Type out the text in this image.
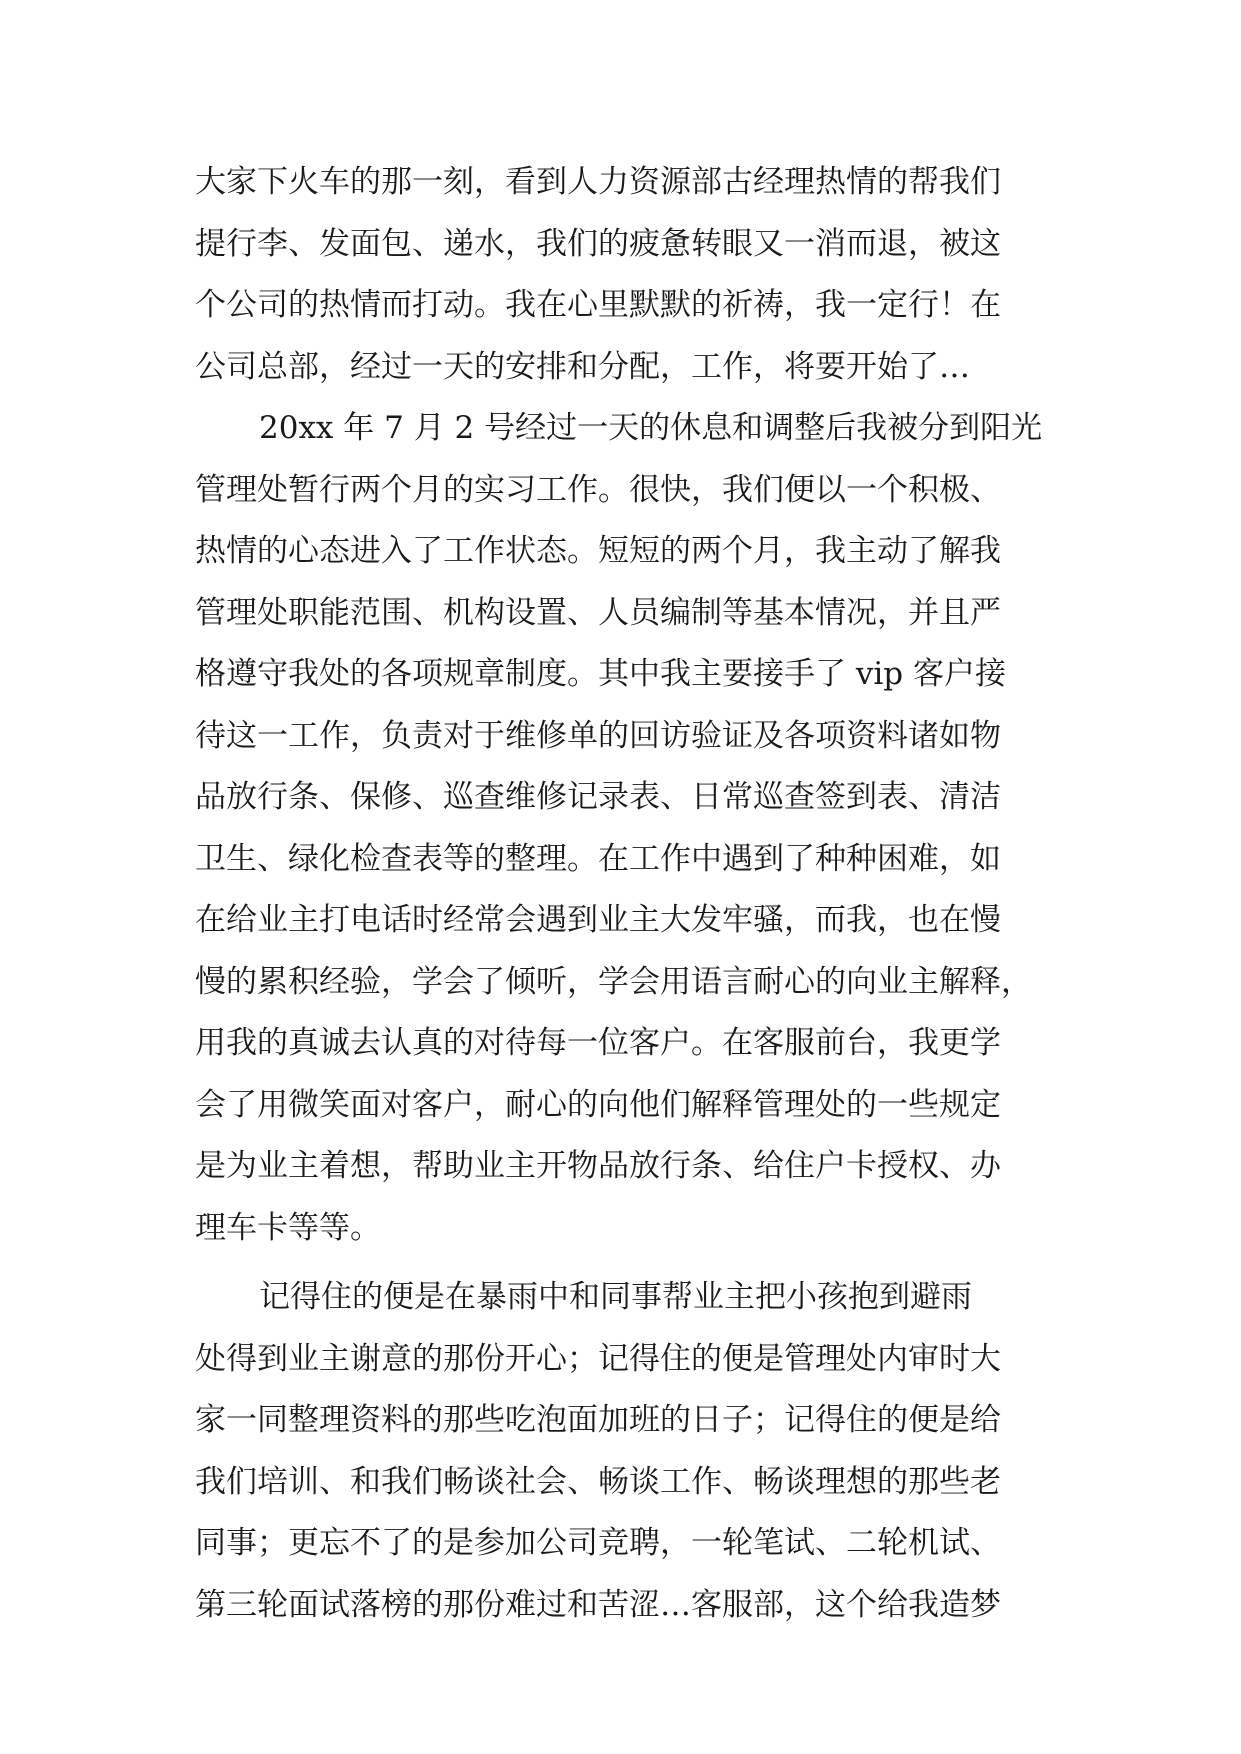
大家下火车的那一刻，看到人力资源部古经理热情的帮我们
提行李、发面包、递水，我们的疲惫转眼又一消而退，被这
个公司的热情而打动。我在心里默默的祈祷，我一定行！在
公司总部，经过一天的安排和分配，工作，将要开始了…
20xx 年 7 月 2 号经过一天的休息和调整后我被分到阳光
管理处暂行两个月的实习工作。很快，我们便以一个积极、
热情的心态进入了工作状态。短短的两个月，我主动了解我
管理处职能范围、机构设置、人员编制等基本情况，并且严
格遵守我处的各项规章制度。其中我主要接手了 vip 客户接
待这一工作，负责对于维修单的回访验证及各项资料诸如物
品放行条、保修、巡查维修记录表、日常巡查签到表、清洁
卫生、绿化检查表等的整理。在工作中遇到了种种困难，如
在给业主打电话时经常会遇到业主大发牢骚，而我，也在慢
慢的累积经验，学会了倾听，学会用语言耐心的向业主解释，
用我的真诚去认真的对待每一位客户。在客服前台，我更学
会了用微笑面对客户，耐心的向他们解释管理处的一些规定
是为业主着想，帮助业主开物品放行条、给住户卡授权、办
理车卡等等。
记得住的便是在暴雨中和同事帮业主把小孩抱到避雨
处得到业主谢意的那份开心；记得住的便是管理处内审时大
家一同整理资料的那些吃泡面加班的日子；记得住的便是给
我们培训、和我们畅谈社会、畅谈工作、畅谈理想的那些老
同事；更忘不了的是参加公司竞聘，一轮笔试、二轮机试、
第三轮面试落榜的那份难过和苦涩…客服部，这个给我造梦
